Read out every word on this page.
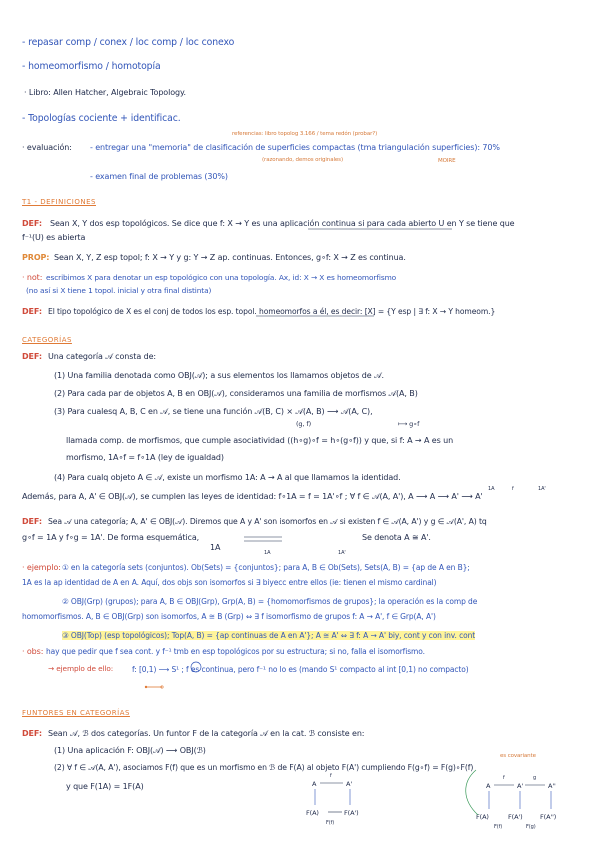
- repasar comp / conex / loc comp / loc conexo
- homeomorfismo / homotopía
· Libro: Allen Hatcher, Algebraic Topology.
- Topologías cociente + identificac.
referencias: libro topolog 3.166 / tema redón (probar?)
· evaluación: - entregar una "memoria" de clasificación de superficies compactas (tma triangulación superficies): 70%
(razonando, demos originales)	MOIRE
- examen final de problemas (30%)
T1 - DEFINICIONES
DEF: Sean X, Y dos esp topológicos. Se dice que f: X → Y es una aplicación continua si para cada abierto U en Y se tiene que
f⁻¹(U) es abierta
PROP: Sean X, Y, Z esp topol; f: X → Y y g: Y → Z ap. continuas. Entonces, g∘f: X → Z es continua.
· not: escribimos X para denotar un esp topológico con una topología. Ax, id: X → X es homeomorfismo
(no así si X tiene 1 topol. inicial y otra final distinta)
DEF: El tipo topológico de X es el conj de todos los esp. topol. homeomorfos a él, es decir: [X] = {Y esp | ∃ f: X → Y homeom.}
CATEGORÍAS
DEF: Una categoría 𝒜 consta de:
(1) Una familia denotada como OBJ(𝒜); a sus elementos los llamamos objetos de 𝒜.
(2) Para cada par de objetos A, B en OBJ(𝒜), consideramos una familia de morfismos 𝒜(A, B)
(3) Para cualesq A, B, C en 𝒜, se tiene una función 𝒜(B, C) × 𝒜(A, B) ⟶ 𝒜(A, C),
(g, f)	⟼ g∘f
llamada comp. de morfismos, que cumple asociatividad ((h∘g)∘f = h∘(g∘f)) y que, si f: A → A es un
morfismo, 1A∘f = f∘1A (ley de igualdad)
(4) Para cualq objeto A ∈ 𝒜, existe un morfismo 1A: A → A al que llamamos la identidad.
Además, para A, A' ∈ OBJ(𝒜), se cumplen las leyes de identidad: f∘1A = f = 1A'∘f ; ∀ f ∈ 𝒜(A, A'), A ⟶ A ⟶ A' ⟶ A'
1A	f	1A'
DEF: Sea 𝒜 una categoría; A, A' ∈ OBJ(𝒜). Diremos que A y A' son isomorfos en 𝒜 si existen f ∈ 𝒜(A, A') y g ∈ 𝒜(A', A) tq
g∘f = 1A y f∘g = 1A'. De forma esquemática,
1A
Se denota A ≅ A'.
1A	1A'
· ejemplo: ① en la categoría sets (conjuntos). Ob(Sets) = {conjuntos}; para A, B ∈ Ob(Sets), Sets(A, B) = {ap de A en B};
1A es la ap identidad de A en A. Aquí, dos objs son isomorfos si ∃ biyecc entre ellos (ie: tienen el mismo cardinal)
② OBJ(Grp) (grupos); para A, B ∈ OBJ(Grp), Grp(A, B) = {homomorfismos de grupos}; la operación es la comp de
homomorfismos. A, B ∈ OBJ(Grp) son isomorfos, A ≅ B (Grp) ⇔ ∃ f isomorfismo de grupos f: A → A', f ∈ Grp(A, A')
③ OBJ(Top) (esp topológicos); Top(A, B) = {ap continuas de A en A'}; A ≅ A' ⇔ ∃ f: A → A' biy, cont y con inv. cont
· obs: hay que pedir que f sea cont. y f⁻¹ tmb en esp topológicos por su estructura; si no, falla el isomorfismo.
→ ejemplo de ello:	f: [0,1) ⟶ S¹ ; f es continua, pero f⁻¹ no lo es (mando S¹ compacto al int [0,1) no compacto)
FUNTORES EN CATEGORÍAS
DEF: Sean 𝒜, ℬ dos categorías. Un funtor F de la categoría 𝒜 en la cat. ℬ consiste en:
(1) Una aplicación F: OBJ(𝒜) ⟶ OBJ(ℬ)
es covariante
(2) ∀ f ∈ 𝒜(A, A'), asociamos F(f) que es un morfismo en ℬ de F(A) al objeto F(A') cumpliendo F(g∘f) = F(g)∘F(f)
y que F(1A) = 1F(A)	A	A'
f
F(A)	F(A')
F(f)
A	A'	A''
f	g
F(A)	F(A')	F(A'')
F(f)	F(g)
